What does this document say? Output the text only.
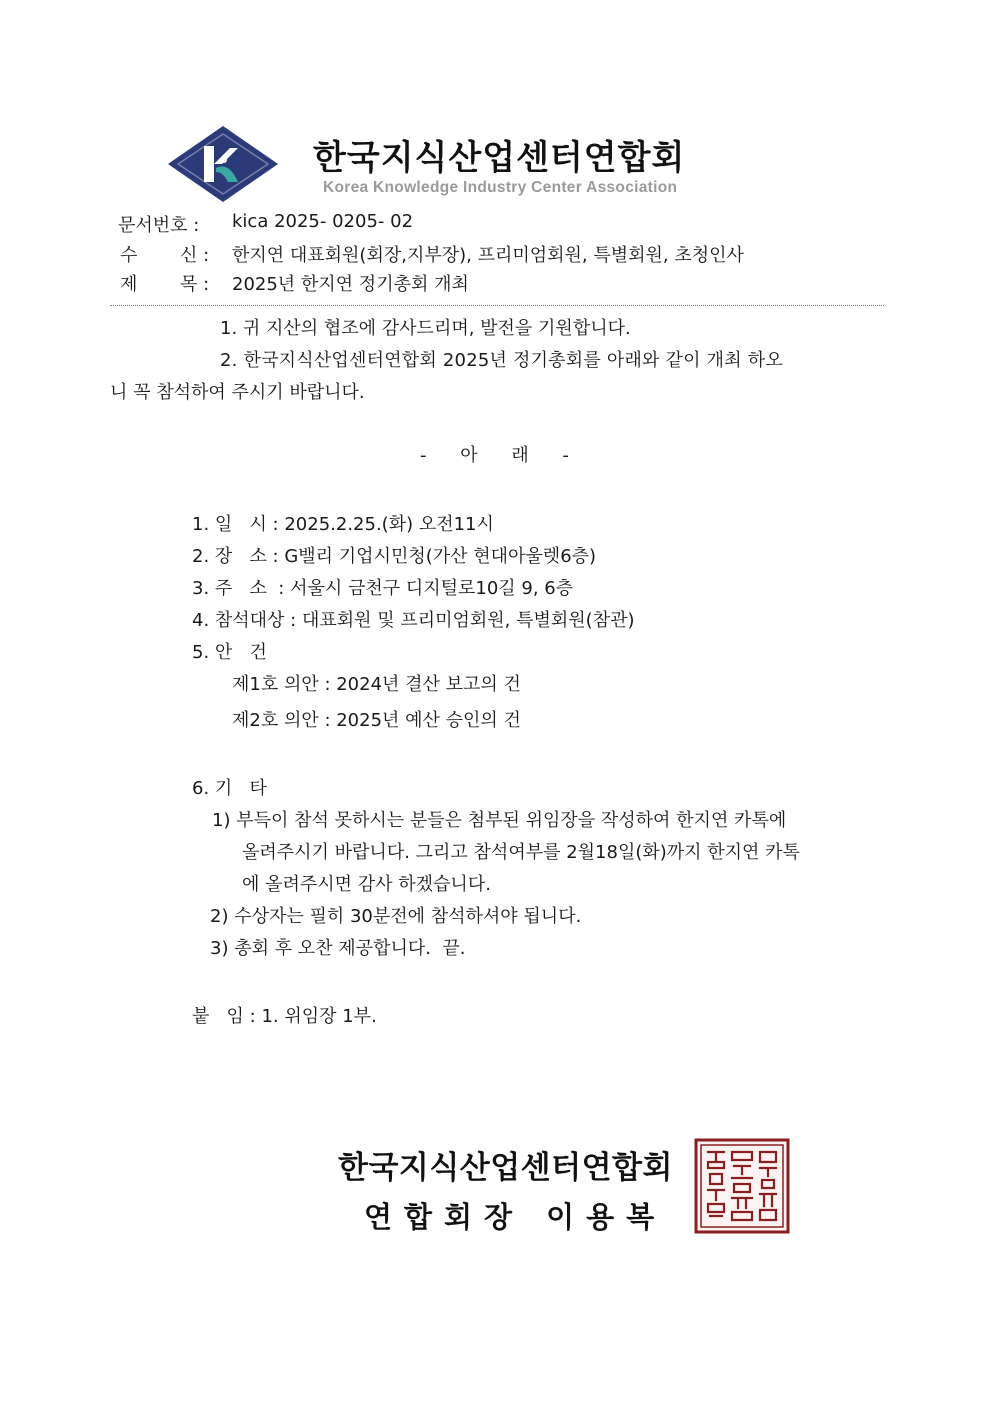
한국지식산업센터연합회
Korea Knowledge Industry Center Association
문서번호 : kica 2025- 0205- 02
수 신 : 한지연 대표회원(회장,지부장), 프리미엄회원, 특별회원, 초청인사
제 목 : 2025년 한지연 정기총회 개최
1. 귀 지산의 협조에 감사드리며, 발전을 기원합니다.
2. 한국지식산업센터연합회 2025년 정기총회를 아래와 같이 개최 하오
니 꼭 참석하여 주시기 바랍니다.
- 아 래 -
1. 일   시 : 2025.2.25.(화) 오전11시
2. 장   소 : G밸리 기업시민청(가산 현대아울렛6층)
3. 주   소  : 서울시 금천구 디지털로10길 9, 6층
4. 참석대상 : 대표회원 및 프리미엄회원, 특별회원(참관)
5. 안   건
제1호 의안 : 2024년 결산 보고의 건
제2호 의안 : 2025년 예산 승인의 건
6. 기   타
1) 부득이 참석 못하시는 분들은 첨부된 위임장을 작성하여 한지연 카톡에
올려주시기 바랍니다. 그리고 참석여부를 2월18일(화)까지 한지연 카톡
에 올려주시면 감사 하겠습니다.
2) 수상자는 필히 30분전에 참석하셔야 됩니다.
3) 총회 후 오찬 제공합니다.  끝.
붙   임 : 1. 위임장 1부.
한국지식산업센터연합회
연합회장 이용복
